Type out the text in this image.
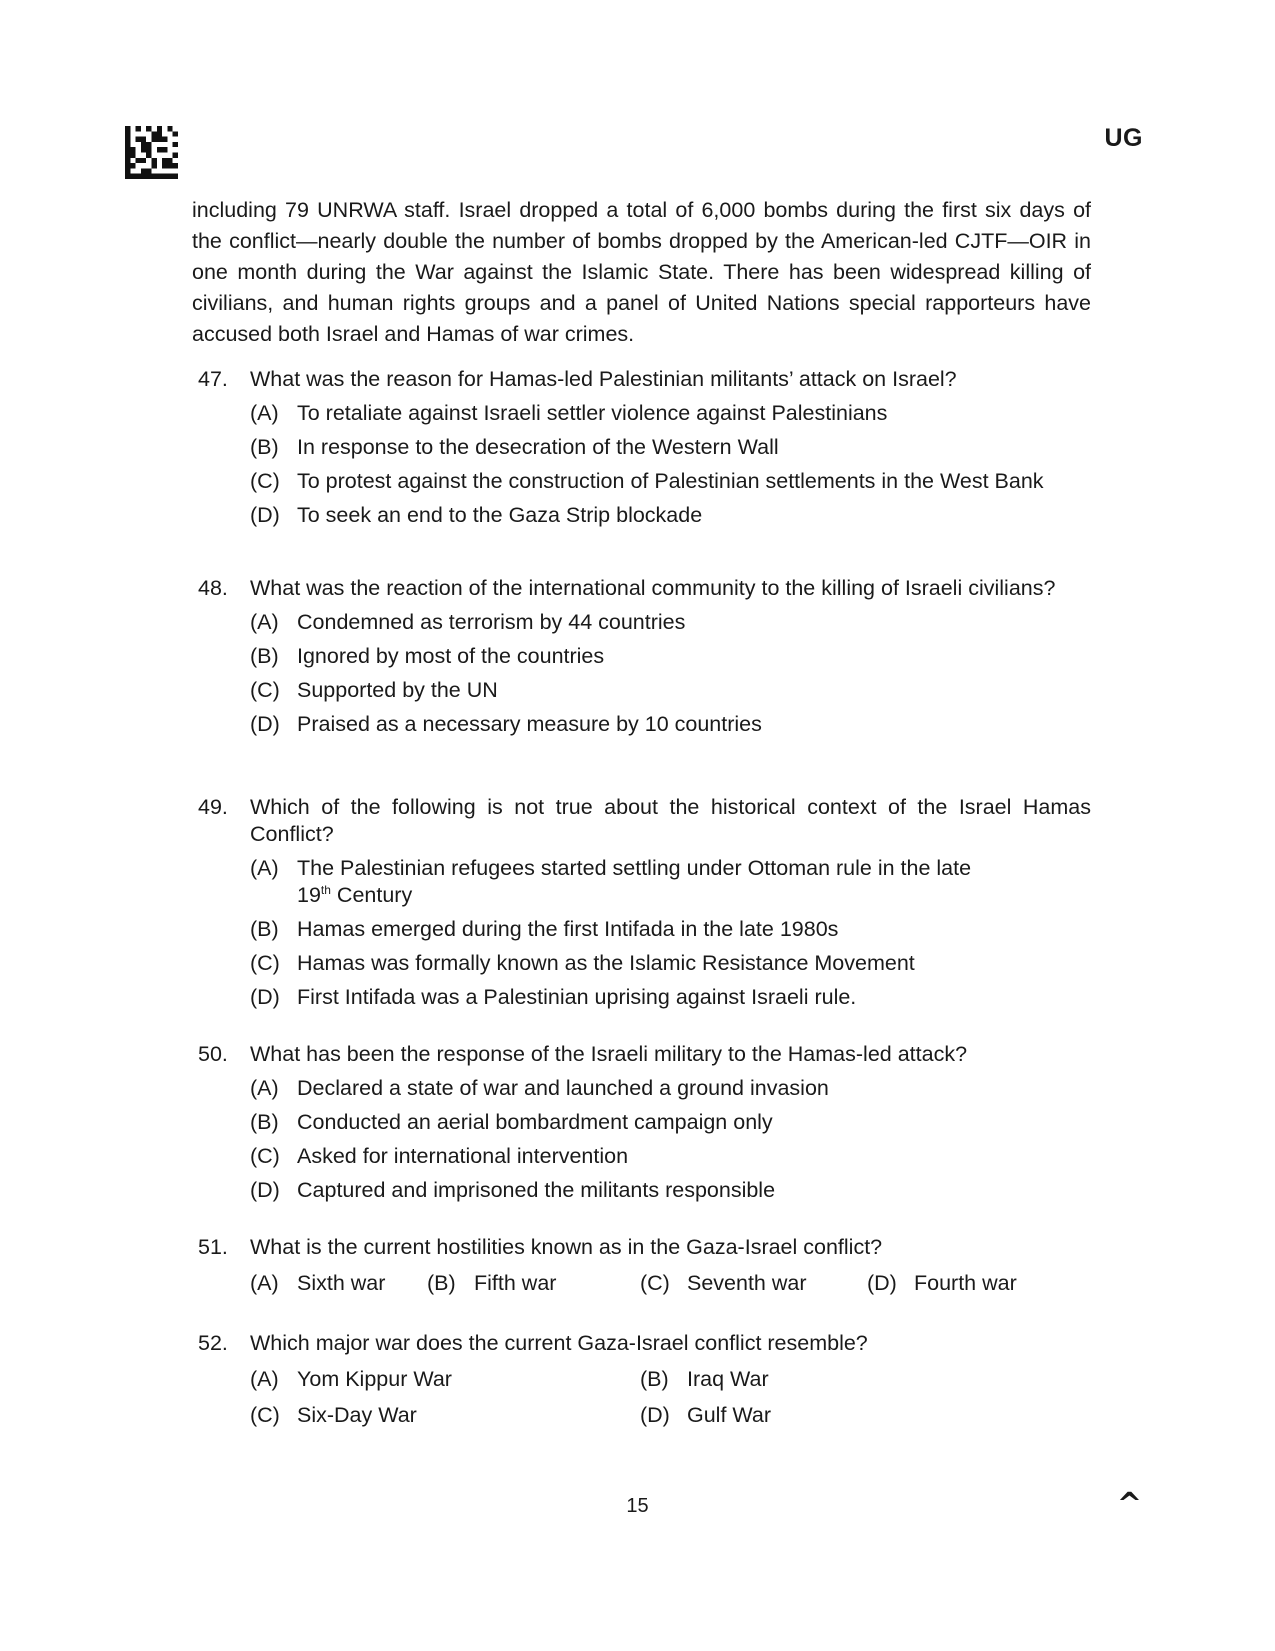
UG

including 79 UNRWA staff. Israel dropped a total of 6,000 bombs during the first six days of the conflict—nearly double the number of bombs dropped by the American-led CJTF—OIR in one month during the War against the Islamic State. There has been widespread killing of civilians, and human rights groups and a panel of United Nations special rapporteurs have accused both Israel and Hamas of war crimes.

47.	What was the reason for Hamas-led Palestinian militants’ attack on Israel?
(A) To retaliate against Israeli settler violence against Palestinians
(B) In response to the desecration of the Western Wall
(C) To protest against the construction of Palestinian settlements in the West Bank
(D) To seek an end to the Gaza Strip blockade
48.	What was the reaction of the international community to the killing of Israeli civilians?
(A) Condemned as terrorism by 44 countries
(B) Ignored by most of the countries
(C) Supported by the UN
(D) Praised as a necessary measure by 10 countries
49.	Which of the following is not true about the historical context of the Israel Hamas Conflict?
(A) The Palestinian refugees started settling under Ottoman rule in the late
19th Century
(B) Hamas emerged during the first Intifada in the late 1980s
(C) Hamas was formally known as the Islamic Resistance Movement
(D) First Intifada was a Palestinian uprising against Israeli rule.
50.	What has been the response of the Israeli military to the Hamas-led attack?
(A) Declared a state of war and launched a ground invasion
(B) Conducted an aerial bombardment campaign only
(C) Asked for international intervention
(D) Captured and imprisoned the militants responsible
51.	What is the current hostilities known as in the Gaza-Israel conflict?
(A) Sixth war (B) Fifth war	(C) Seventh war	(D) Fourth war
52.	Which major war does the current Gaza-Israel conflict resemble?
(A) Yom Kippur War	(B) Iraq War
(C) Six-Day War	(D) Gulf War
15	^
